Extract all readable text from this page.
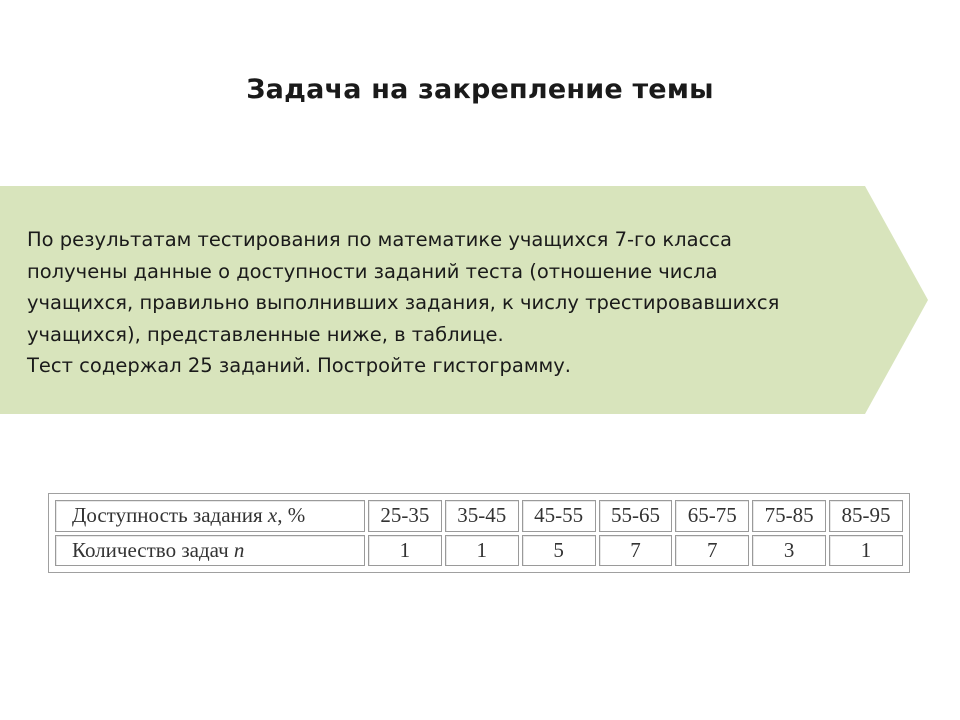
Задача на закрепление темы

По результатам тестирования по математике учащихся 7-го класса

получены данные о доступности заданий теста (отношение числа

учащихся, правильно выполнивших задания, к числу трестировавшихся

учащихся), представленные ниже, в таблице.

Тест содержал 25 заданий. Постройте гистограмму.

Доступность задания x, %	25-35	35-45	45-55	55-65	65-75	75-85	85-95
Количество задач n	1	1	5	7	7	3	1
